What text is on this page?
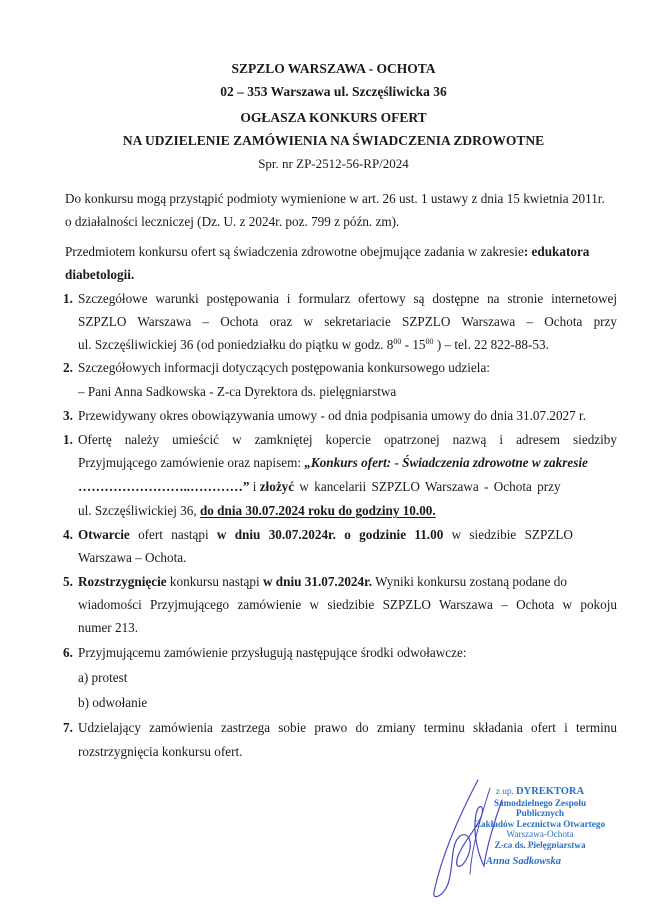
SZPZLO WARSZAWA - OCHOTA
02 – 353 Warszawa ul. Szczęśliwicka 36
OGŁASZA KONKURS OFERT
NA UDZIELENIE ZAMÓWIENIA NA ŚWIADCZENIA ZDROWOTNE
Spr. nr ZP-2512-56-RP/2024
Do konkursu mogą przystąpić podmioty wymienione w art. 26 ust. 1 ustawy z dnia 15 kwietnia 2011r.
o działalności leczniczej (Dz. U. z 2024r. poz. 799 z późn. zm).
Przedmiotem konkursu ofert są świadczenia zdrowotne obejmujące zadania w zakresie: edukatora
diabetologii.
1. Szczegółowe warunki postępowania i formularz ofertowy są dostępne na stronie internetowej
SZPZLO Warszawa – Ochota oraz w sekretariacie SZPZLO Warszawa – Ochota przy
ul. Szczęśliwickiej 36 (od poniedziałku do piątku w godz. $8^{00} - 15^{00}$ ) – tel. 22 822-88-53.
2. Szczegółowych informacji dotyczących postępowania konkursowego udziela:
– Pani Anna Sadkowska - Z-ca Dyrektora ds. pielęgniarstwa
3. Przewidywany okres obowiązywania umowy - od dnia podpisania umowy do dnia 31.07.2027 r.
1. Ofertę należy umieścić w zamkniętej kopercie opatrzonej nazwą i adresem siedziby
Przyjmującego zamówienie oraz napisem: „Konkurs ofert: - Świadczenia zdrowotne w zakresie
……………………..…………” i złożyć w kancelarii SZPZLO Warszawa - Ochota przy
ul. Szczęśliwickiej 36, do dnia 30.07.2024 roku do godziny 10.00.
4. Otwarcie ofert nastąpi w dniu 30.07.2024r. o godzinie 11.00 w siedzibie SZPZLO
Warszawa – Ochota.
5. Rozstrzygnięcie konkursu nastąpi w dniu 31.07.2024r. Wyniki konkursu zostaną podane do
wiadomości Przyjmującego zamówienie w siedzibie SZPZLO Warszawa – Ochota w pokoju
numer 213.
6. Przyjmującemu zamówienie przysługują następujące środki odwoławcze:
a) protest
b) odwołanie
7. Udzielający zamówienia zastrzega sobie prawo do zmiany terminu składania ofert i terminu
rozstrzygnięcia konkursu ofert.
z up. DYREKTORA
Samodzielnego Zespołu Publicznych
Zakładów Lecznictwa Otwartego
Warszawa-Ochota
Z-ca ds. Pielęgniarstwa
Anna Sadkowska
